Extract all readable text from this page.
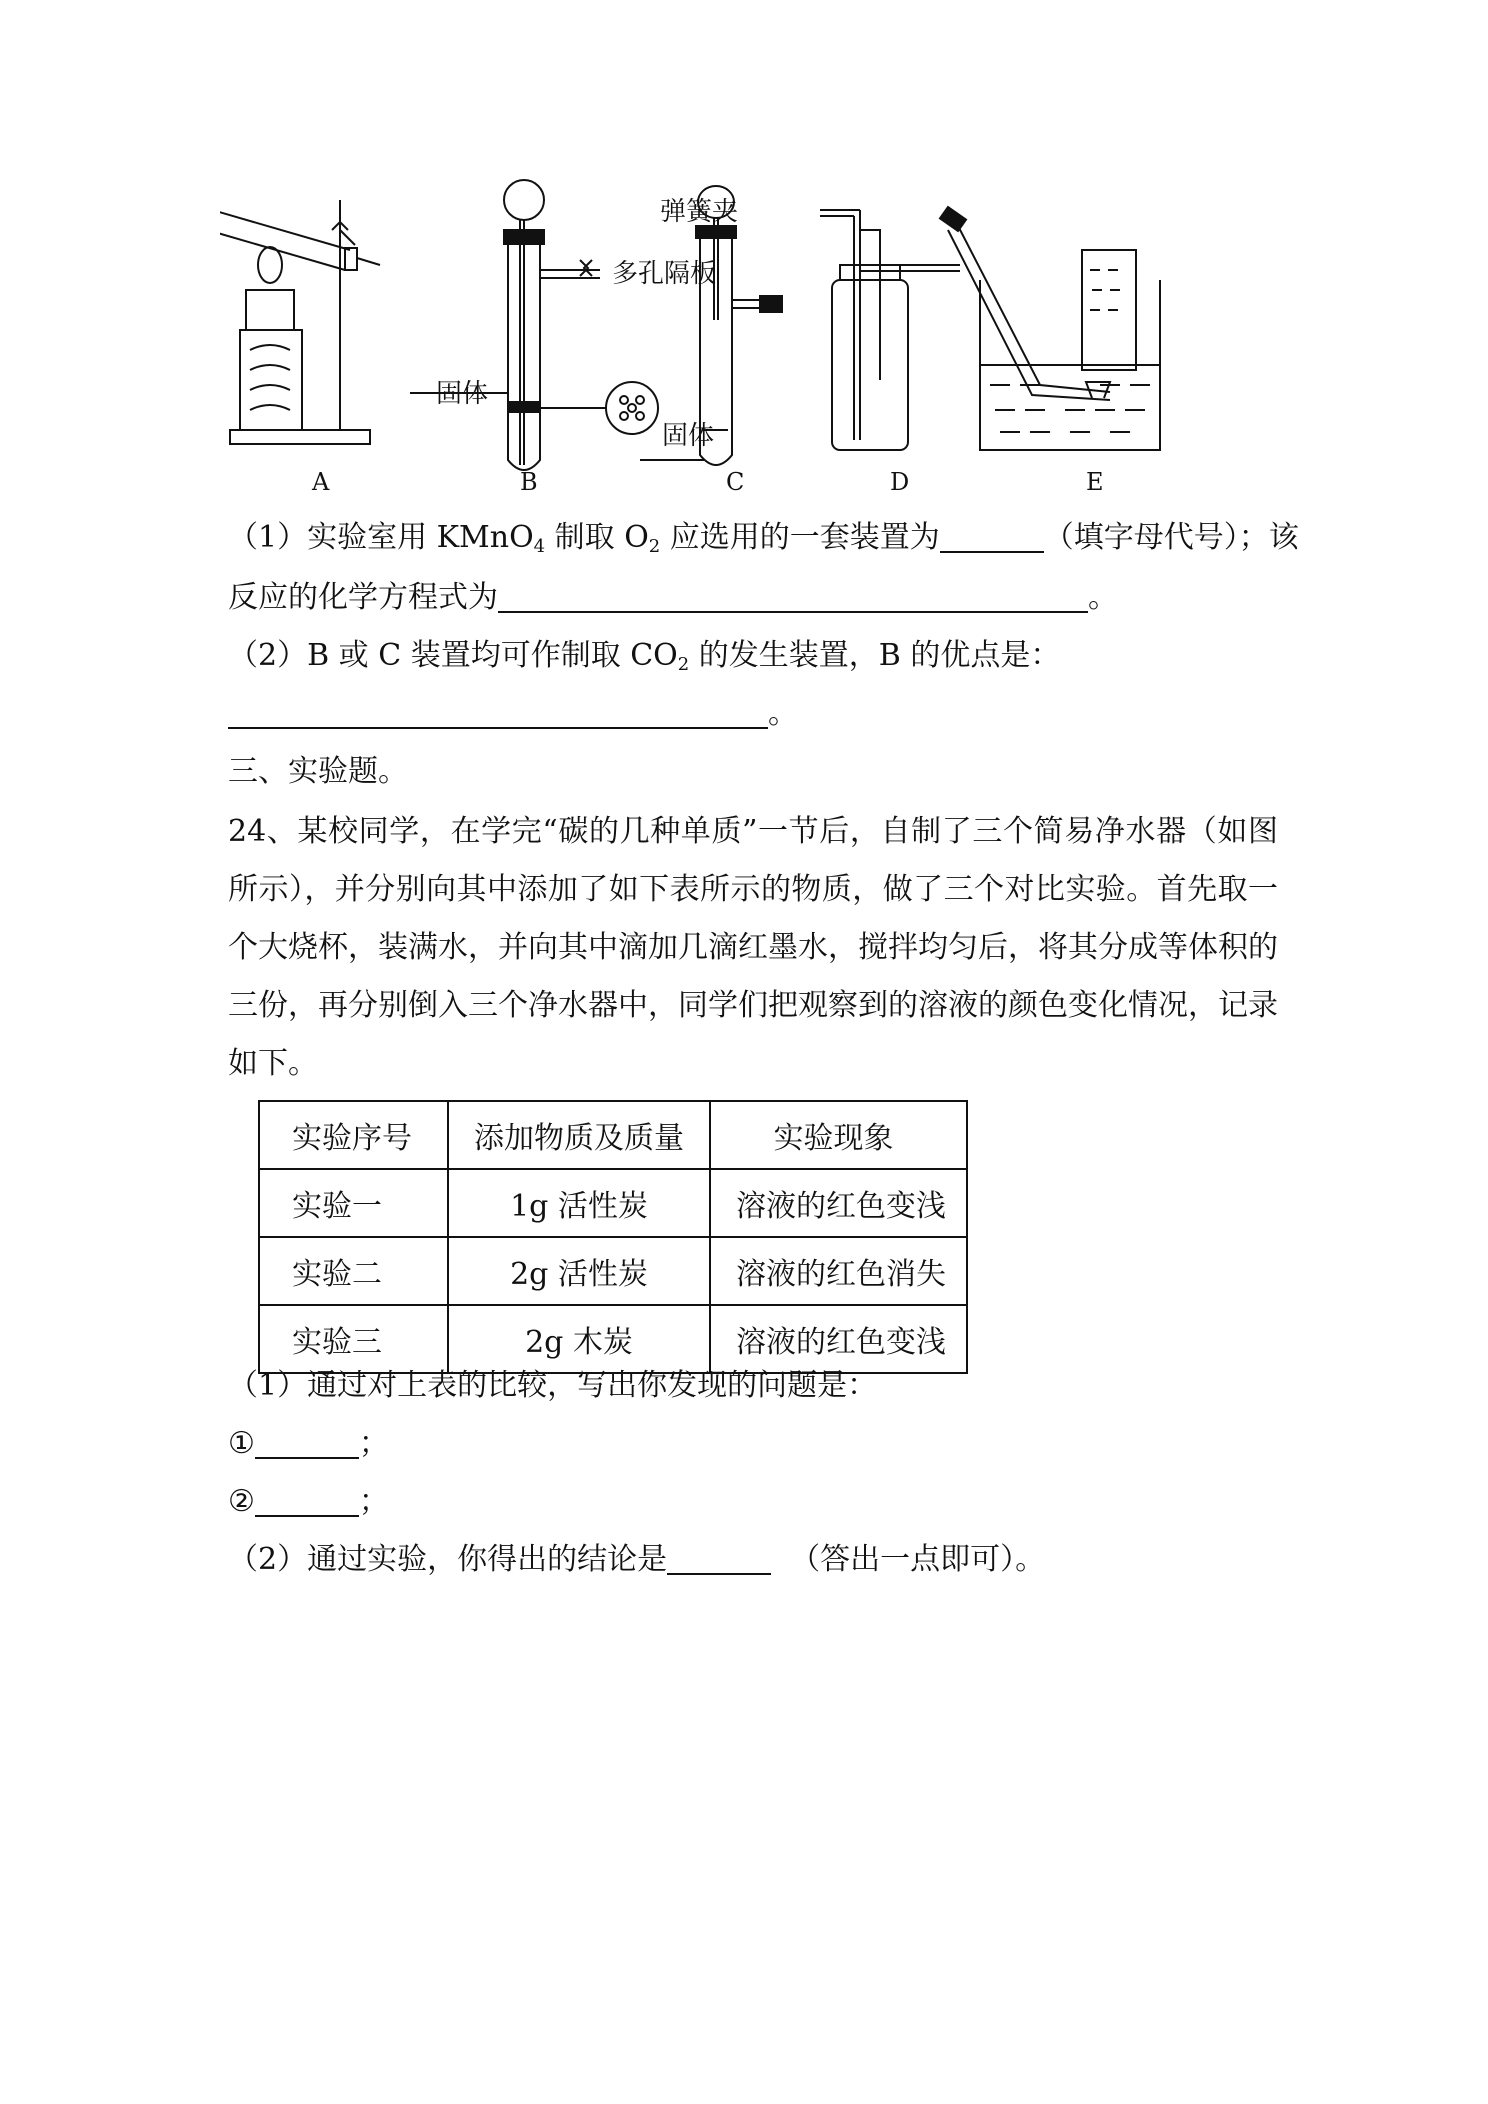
弹簧夹
多孔隔板
固体
固体
A	B	C	D	E
（1）实验室用 KMnO$_4$ 制取 $O_2$ 应选用的一套装置为	（填字母代号）；该
反应的化学方程式为	。
（2）B 或 C 装置均可作制取 $CO_2$ 的发生装置，B 的优点是：
。
三、实验题。
24、某校同学，在学完“碳的几种单质”一节后，自制了三个简易净水器（如图所示），并分别向其中添加了如下表所示的物质，做了三个对比实验。首先取一个大烧杯，装满水，并向其中滴加几滴红墨水，搅拌均匀后，将其分成等体积的三份，再分别倒入三个净水器中，同学们把观察到的溶液的颜色变化情况，记录如下。
实验序号	添加物质及质量	实验现象
实验一	1g 活性炭	溶液的红色变浅
实验二	2g 活性炭	溶液的红色消失
实验三	2g 木炭	溶液的红色变浅
（1）通过对上表的比较，写出你发现的问题是：
①	；
②	；
（2）通过实验，你得出的结论是	（答出一点即可）。
